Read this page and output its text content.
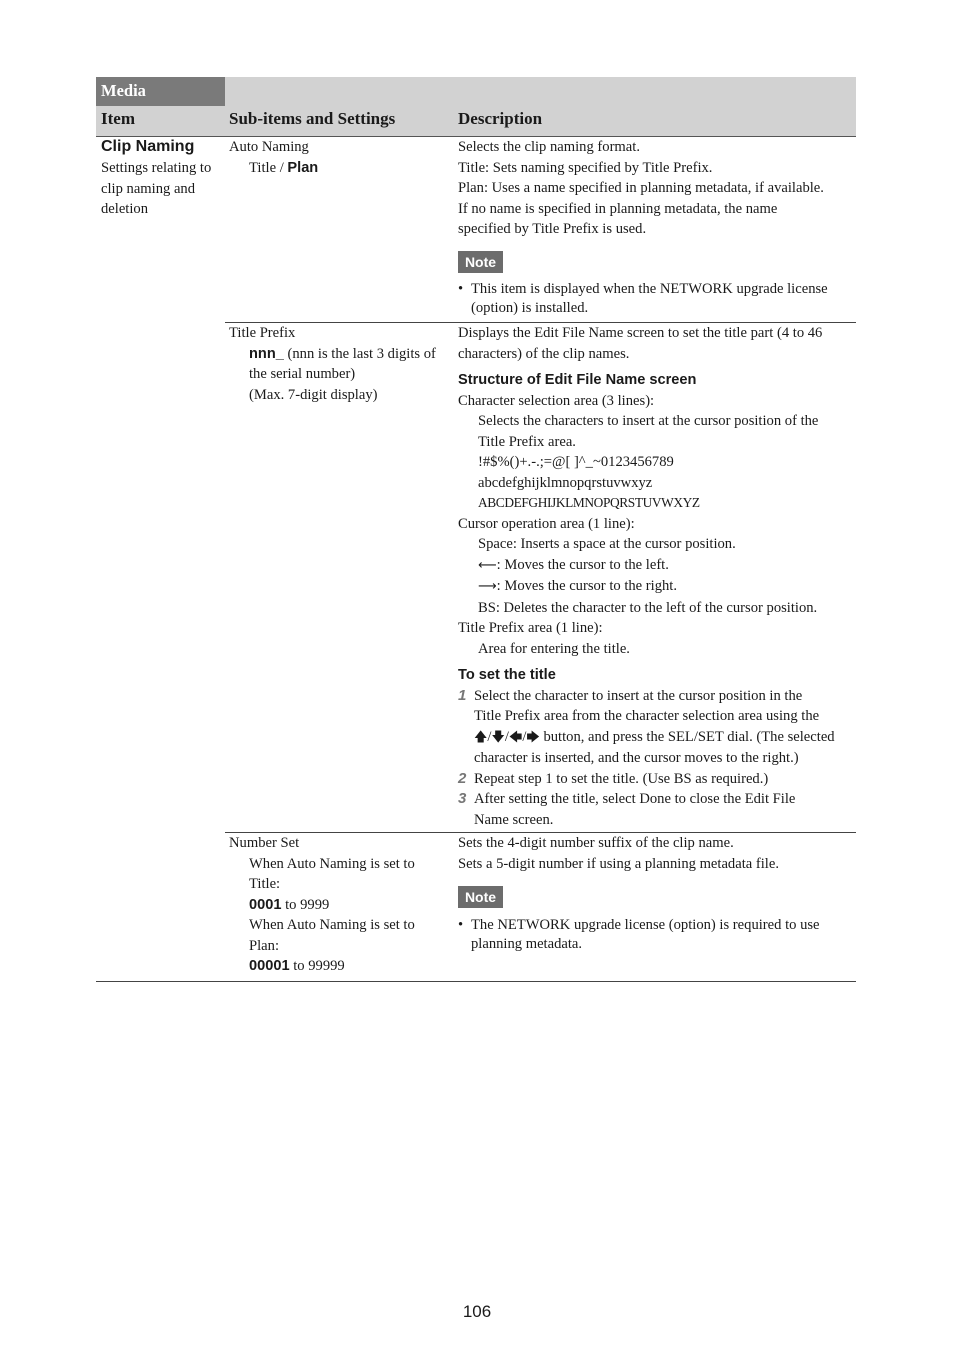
Media
Item	Sub-items and Settings	Description
Clip Naming
Settings relating to
clip naming and
deletion
Auto Naming
Title / Plan
Selects the clip naming format.
Title: Sets naming specified by Title Prefix.
Plan: Uses a name specified in planning metadata, if available.
If no name is specified in planning metadata, the name
specified by Title Prefix is used.
Note
• This item is displayed when the NETWORK upgrade license
(option) is installed.
Title Prefix
nnn_ (nnn is the last 3 digits of
the serial number)
(Max. 7-digit display)
Displays the Edit File Name screen to set the title part (4 to 46
characters) of the clip names.
Structure of Edit File Name screen
Character selection area (3 lines):
Selects the characters to insert at the cursor position of the
Title Prefix area.
!#$%()+.-.;=@[ ]^_~0123456789
abcdefghijklmnopqrstuvwxyz
ABCDEFGHIJKLMNOPQRSTUVWXYZ
Cursor operation area (1 line):
Space: Inserts a space at the cursor position.
⟵: Moves the cursor to the left.
⟶: Moves the cursor to the right.
BS: Deletes the character to the left of the cursor position.
Title Prefix area (1 line):
Area for entering the title.
To set the title
1 Select the character to insert at the cursor position in the
Title Prefix area from the character selection area using the
🡅/🡇/🡄/🡆 button, and press the SEL/SET dial. (The selected
character is inserted, and the cursor moves to the right.)
2 Repeat step 1 to set the title. (Use BS as required.)
3 After setting the title, select Done to close the Edit File
Name screen.
Number Set
When Auto Naming is set to
Title:
0001 to 9999
When Auto Naming is set to
Plan:
00001 to 99999
Sets the 4-digit number suffix of the clip name.
Sets a 5-digit number if using a planning metadata file.
Note
• The NETWORK upgrade license (option) is required to use
planning metadata.
106
